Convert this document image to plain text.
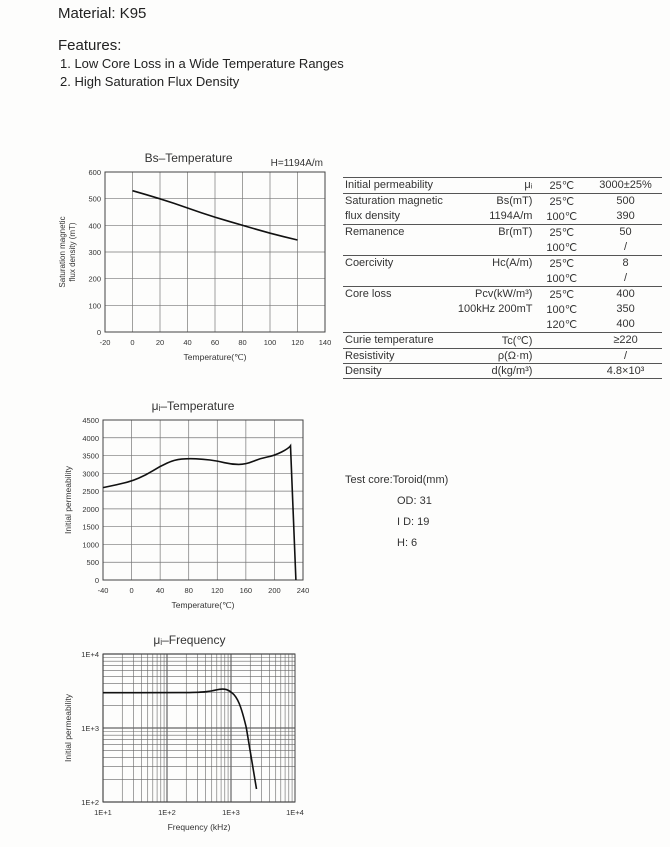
Material: K95
Features:
1. Low Core Loss in a Wide Temperature Ranges
2. High Saturation Flux Density
Bs–Temperature	H=1194A/m
-20	0	20	40	60	80 100 120 140
0
100
200
300
400
500
600
Temperature(℃)
Saturation magneticflux density (mT)
μᵢ–Temperature
-40	0	40	80 120 160 200 240
0
500
1000
1500
2000
2500
3000
3500
4000
4500
Temperature(℃)
Initial permeability
μᵢ–Frequency
1E+1	1E+2	1E+3	1E+4
1E+2
1E+3
1E+4
Frequency (kHz)
Initial permeability
Initial permeability	μᵢ	25℃	3000±25%
Saturation magnetic	Bs(mT)	25℃	500
flux density	1194A/m	100℃	390
Remanence	Br(mT)	25℃	50
		100℃	/
Coercivity	Hc(A/m)	25℃	8
		100℃	/
Core loss	Pcv(kW/m³)	25℃	400
	100kHz 200mT	100℃	350
		120℃	400
Curie temperature	Tc(℃)		≥220
Resistivity	ρ(Ω·m)		/
Density	d(kg/m³)		4.8×10³
Test core:Toroid(mm)
OD: 31
I D: 19
H: 6
